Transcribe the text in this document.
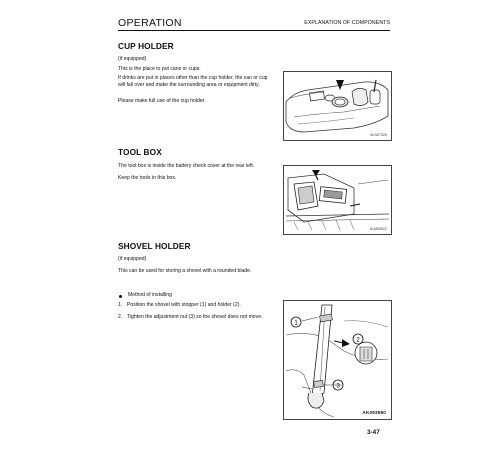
OPERATION	EXPLANATION OF COMPONENTS
CUP HOLDER

(if equipped)

This is the place to put cans or cups.

If drinks are put in places other than the cup holder, the can or cup will fall over and make the surrounding area or equipment dirty.

Please make full use of the cup holder.

6LN07326
TOOL BOX

The tool box is inside the battery check cover at the rear left.

Keep the tools in this box.

6LM00822
SHOVEL HOLDER

(if equipped)

This can be used for storing a shovel with a rounded blade.

Method of installing

1. Position the shovel with stopper (1) and holder (2).
2. Tighten the adjustment nut (3) so the shovel does not move.
1
2
3
AK093580
3-47
